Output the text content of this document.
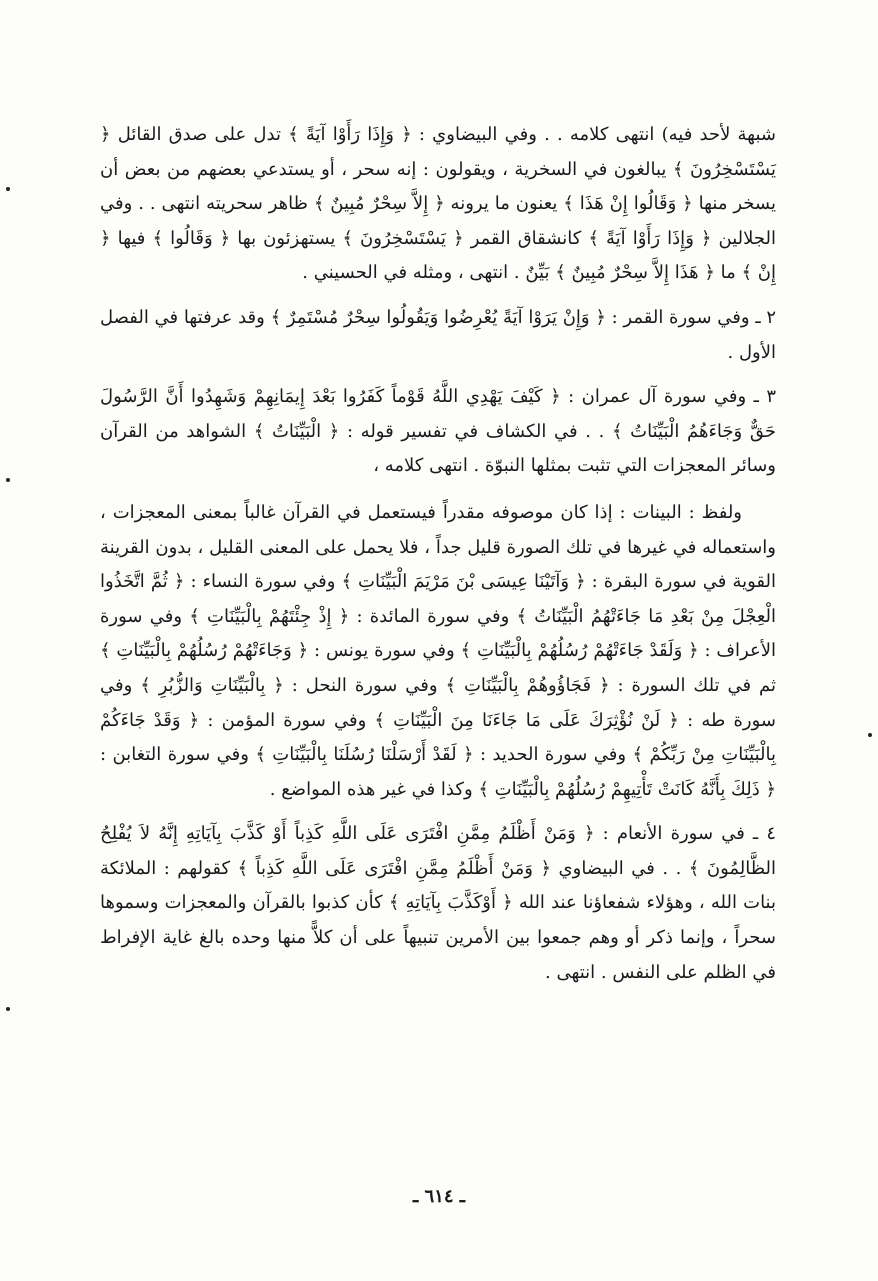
شبهة لأحد فيه) انتهى كلامه . . وفي البيضاوي : ﴿ وَإِذَا رَأَوْا آيَةً ﴾ تدل على صدق القائل ﴿ يَسْتَسْخِرُونَ ﴾ يبالغون في السخرية ، ويقولون : إنه سحر ، أو يستدعي بعضهم من بعض أن يسخر منها ﴿ وَقَالُوا إِنْ هَذَا ﴾ يعنون ما يرونه ﴿ إِلاَّ سِحْرٌ مُبِينٌ ﴾ ظاهر سحريته انتهى . . وفي الجلالين ﴿ وَإِذَا رَأَوْا آيَةً ﴾ كانشقاق القمر ﴿ يَسْتَسْخِرُونَ ﴾ يستهزئون بها ﴿ وَقَالُوا ﴾ فيها ﴿ إِنْ ﴾ ما ﴿ هَذَا إِلاَّ سِحْرٌ مُبِينٌ ﴾ بَيِّنٌ . انتهى ، ومثله في الحسيني .

٢ ـ وفي سورة القمر : ﴿ وَإِنْ يَرَوْا آيَةً يُعْرِضُوا وَيَقُولُوا سِحْرٌ مُسْتَمِرٌ ﴾ وقد عرفتها في الفصل الأول .

٣ ـ وفي سورة آل عمران : ﴿ كَيْفَ يَهْدِي اللَّهُ قَوْماً كَفَرُوا بَعْدَ إِيمَانِهِمْ وَشَهِدُوا أَنَّ الرَّسُولَ حَقٌّ وَجَاءَهُمُ الْبَيِّنَاتُ ﴾ . . في الكشاف في تفسير قوله : ﴿ الْبَيِّنَاتُ ﴾ الشواهد من القرآن وسائر المعجزات التي تثبت بمثلها النبوّة . انتهى كلامه ،

ولفظ : البينات : إذا كان موصوفه مقدراً فيستعمل في القرآن غالباً بمعنى المعجزات ، واستعماله في غيرها في تلك الصورة قليل جداً ، فلا يحمل على المعنى القليل ، بدون القرينة القوية في سورة البقرة : ﴿ وَآتَيْنَا عِيسَى بْنَ مَرْيَمَ الْبَيِّنَاتِ ﴾ وفي سورة النساء : ﴿ ثُمَّ اتَّخَذُوا الْعِجْلَ مِنْ بَعْدِ مَا جَاءَتْهُمُ الْبَيِّنَاتُ ﴾ وفي سورة المائدة : ﴿ إِذْ جِئْتَهُمْ بِالْبَيِّنَاتِ ﴾ وفي سورة الأعراف : ﴿ وَلَقَدْ جَاءَتْهُمْ رُسُلُهُمْ بِالْبَيِّنَاتِ ﴾ وفي سورة يونس : ﴿ وَجَاءَتْهُمْ رُسُلُهُمْ بِالْبَيِّنَاتِ ﴾ ثم في تلك السورة : ﴿ فَجَاؤُوهُمْ بِالْبَيِّنَاتِ ﴾ وفي سورة النحل : ﴿ بِالْبَيِّنَاتِ وَالزُّبُرِ ﴾ وفي سورة طه : ﴿ لَنْ نُؤْثِرَكَ عَلَى مَا جَاءَنَا مِنَ الْبَيِّنَاتِ ﴾ وفي سورة المؤمن : ﴿ وَقَدْ جَاءَكُمْ بِالْبَيِّنَاتِ مِنْ رَبِّكُمْ ﴾ وفي سورة الحديد : ﴿ لَقَدْ أَرْسَلْنَا رُسُلَنَا بِالْبَيِّنَاتِ ﴾ وفي سورة التغابن : ﴿ ذَلِكَ بِأَنَّهُ كَانَتْ تَأْتِيهِمْ رُسُلُهُمْ بِالْبَيِّنَاتِ ﴾ وكذا في غير هذه المواضع .

٤ ـ في سورة الأنعام : ﴿ وَمَنْ أَظْلَمُ مِمَّنِ افْتَرَى عَلَى اللَّهِ كَذِباً أَوْ كَذَّبَ بِآيَاتِهِ إِنَّهُ لاَ يُفْلِحُ الظَّالِمُونَ ﴾ . . في البيضاوي ﴿ وَمَنْ أَظْلَمُ مِمَّنِ افْتَرَى عَلَى اللَّهِ كَذِباً ﴾ كقولهم : الملائكة بنات الله ، وهؤلاء شفعاؤنا عند الله ﴿ أَوْكَذَّبَ بِآيَاتِهِ ﴾ كأن كذبوا بالقرآن والمعجزات وسموها سحراً ، وإنما ذكر أو وهم جمعوا بين الأمرين تنبيهاً على أن كلاًّ منها وحده بالغ غاية الإفراط في الظلم على النفس . انتهى .

ـ ٦١٤ ـ
